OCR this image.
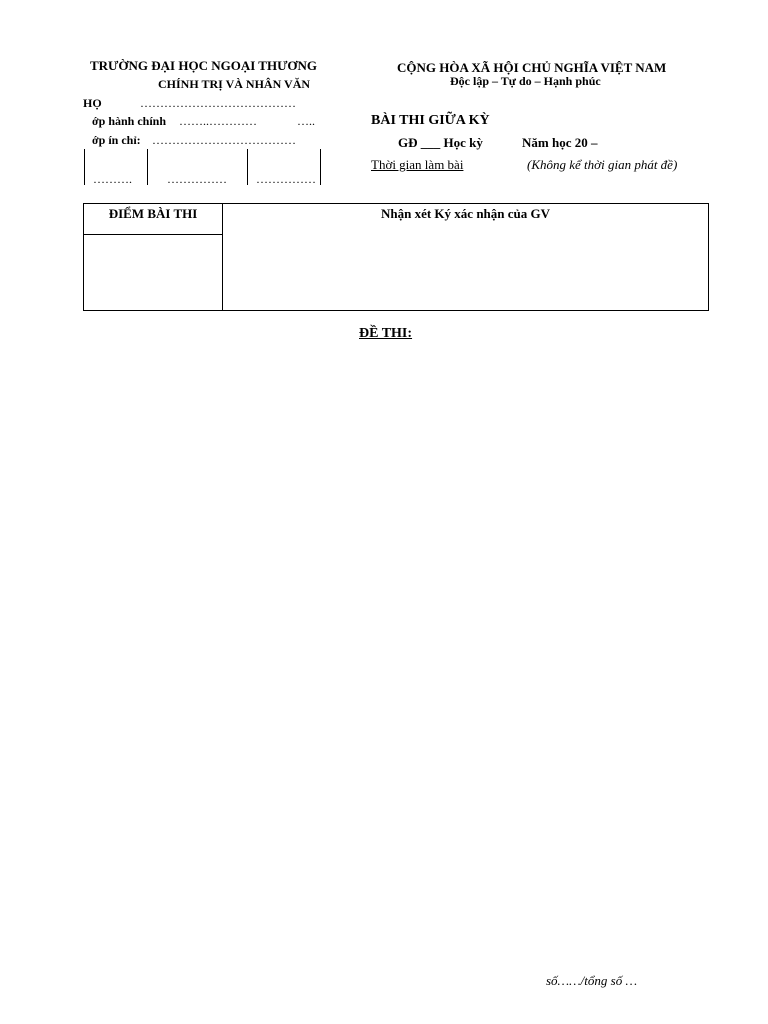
TRƯỜNG ĐẠI HỌC NGOẠI THƯƠNG
CHÍNH TRỊ VÀ NHÂN VĂN
HỌ	…………………………………
ớp hành chính ……..…………	…..
ớp ín chỉ: ………………………………
……….	…………… ……………
CỘNG HÒA XÃ HỘI CHỦ NGHĨA VIỆT NAM
Độc lập – Tự do – Hạnh phúc
BÀI THI GIỮA KỲ
GĐ ___ Học kỳ	Năm học 20 –
Thời gian làm bài	(Không kể thời gian phát đề)
ĐIỂM BÀI THI	Nhận xét Ký xác nhận của GV
ĐỀ THI:
số……/tổng số …
